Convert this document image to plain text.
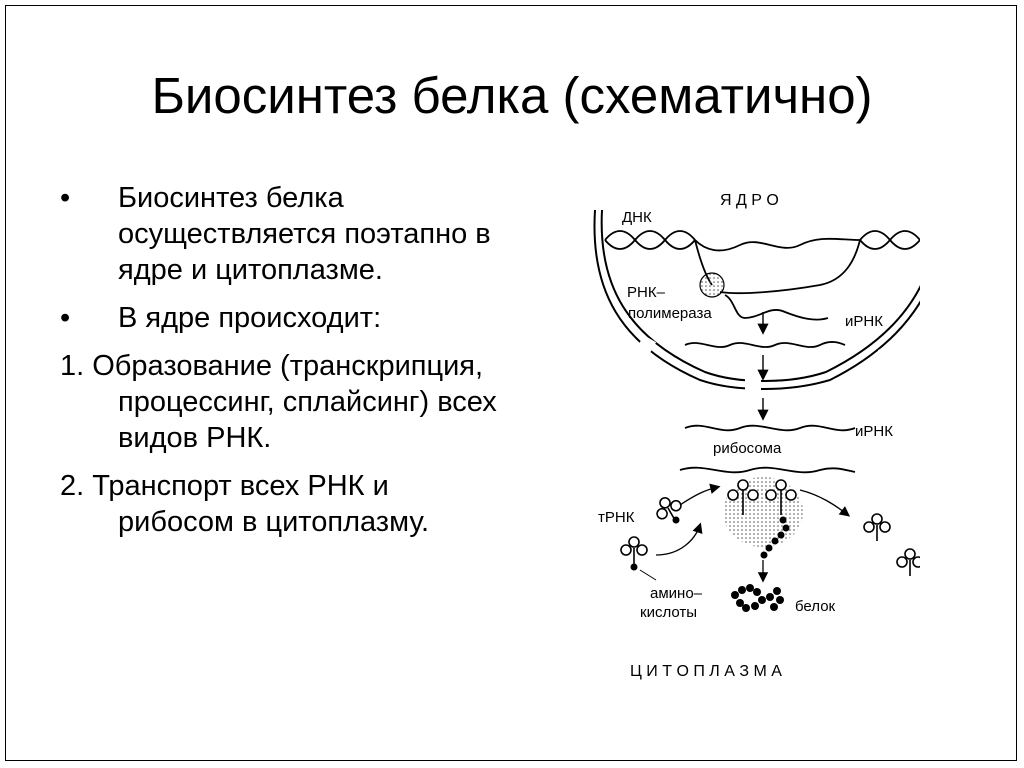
Биосинтез белка (схематично)
• Биосинтез белка осуществляется поэтапно в ядре и цитоплазме.
• В ядре происходит:
1. Образование (транскрипция, процессинг, сплайсинг) всех видов РНК.
2. Транспорт всех РНК и рибосом в цитоплазму.
Я Д Р О
ДНК
РНК–
полимераза	иРНК
иРНК
рибосома
тРНК
амино–
кислоты	белок
Ц И Т О П Л А З М А
